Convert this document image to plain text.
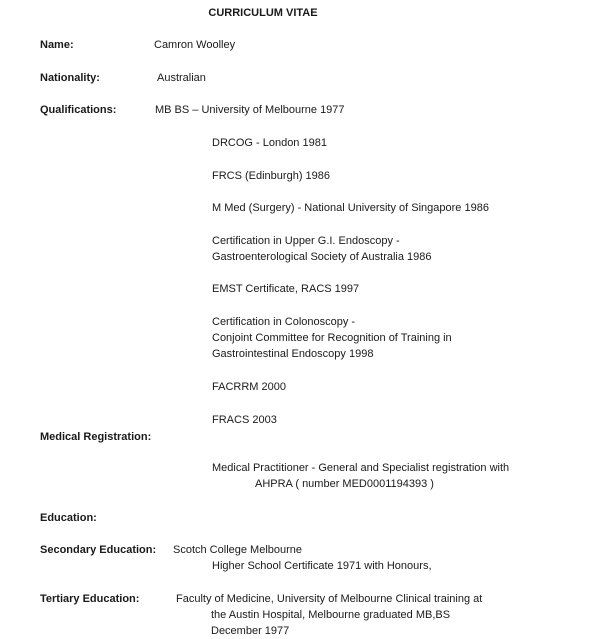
CURRICULUM VITAE
Name:	Camron Woolley
Nationality:	Australian
Qualifications:	MB BS – University of Melbourne 1977
DRCOG - London 1981
FRCS (Edinburgh) 1986
M Med (Surgery) - National University of Singapore 1986
Certification in Upper G.I. Endoscopy -
Gastroenterological Society of Australia 1986
EMST Certificate, RACS 1997
Certification in Colonoscopy -
Conjoint Committee for Recognition of Training in
Gastrointestinal Endoscopy 1998
FACRRM 2000
FRACS 2003
Medical Registration:
Medical Practitioner - General and Specialist registration with
AHPRA ( number MED0001194393 )
Education:
Secondary Education: Scotch College Melbourne
Higher School Certificate 1971 with Honours,
Tertiary Education:	Faculty of Medicine, University of Melbourne Clinical training at
the Austin Hospital, Melbourne graduated MB,BS
December 1977
